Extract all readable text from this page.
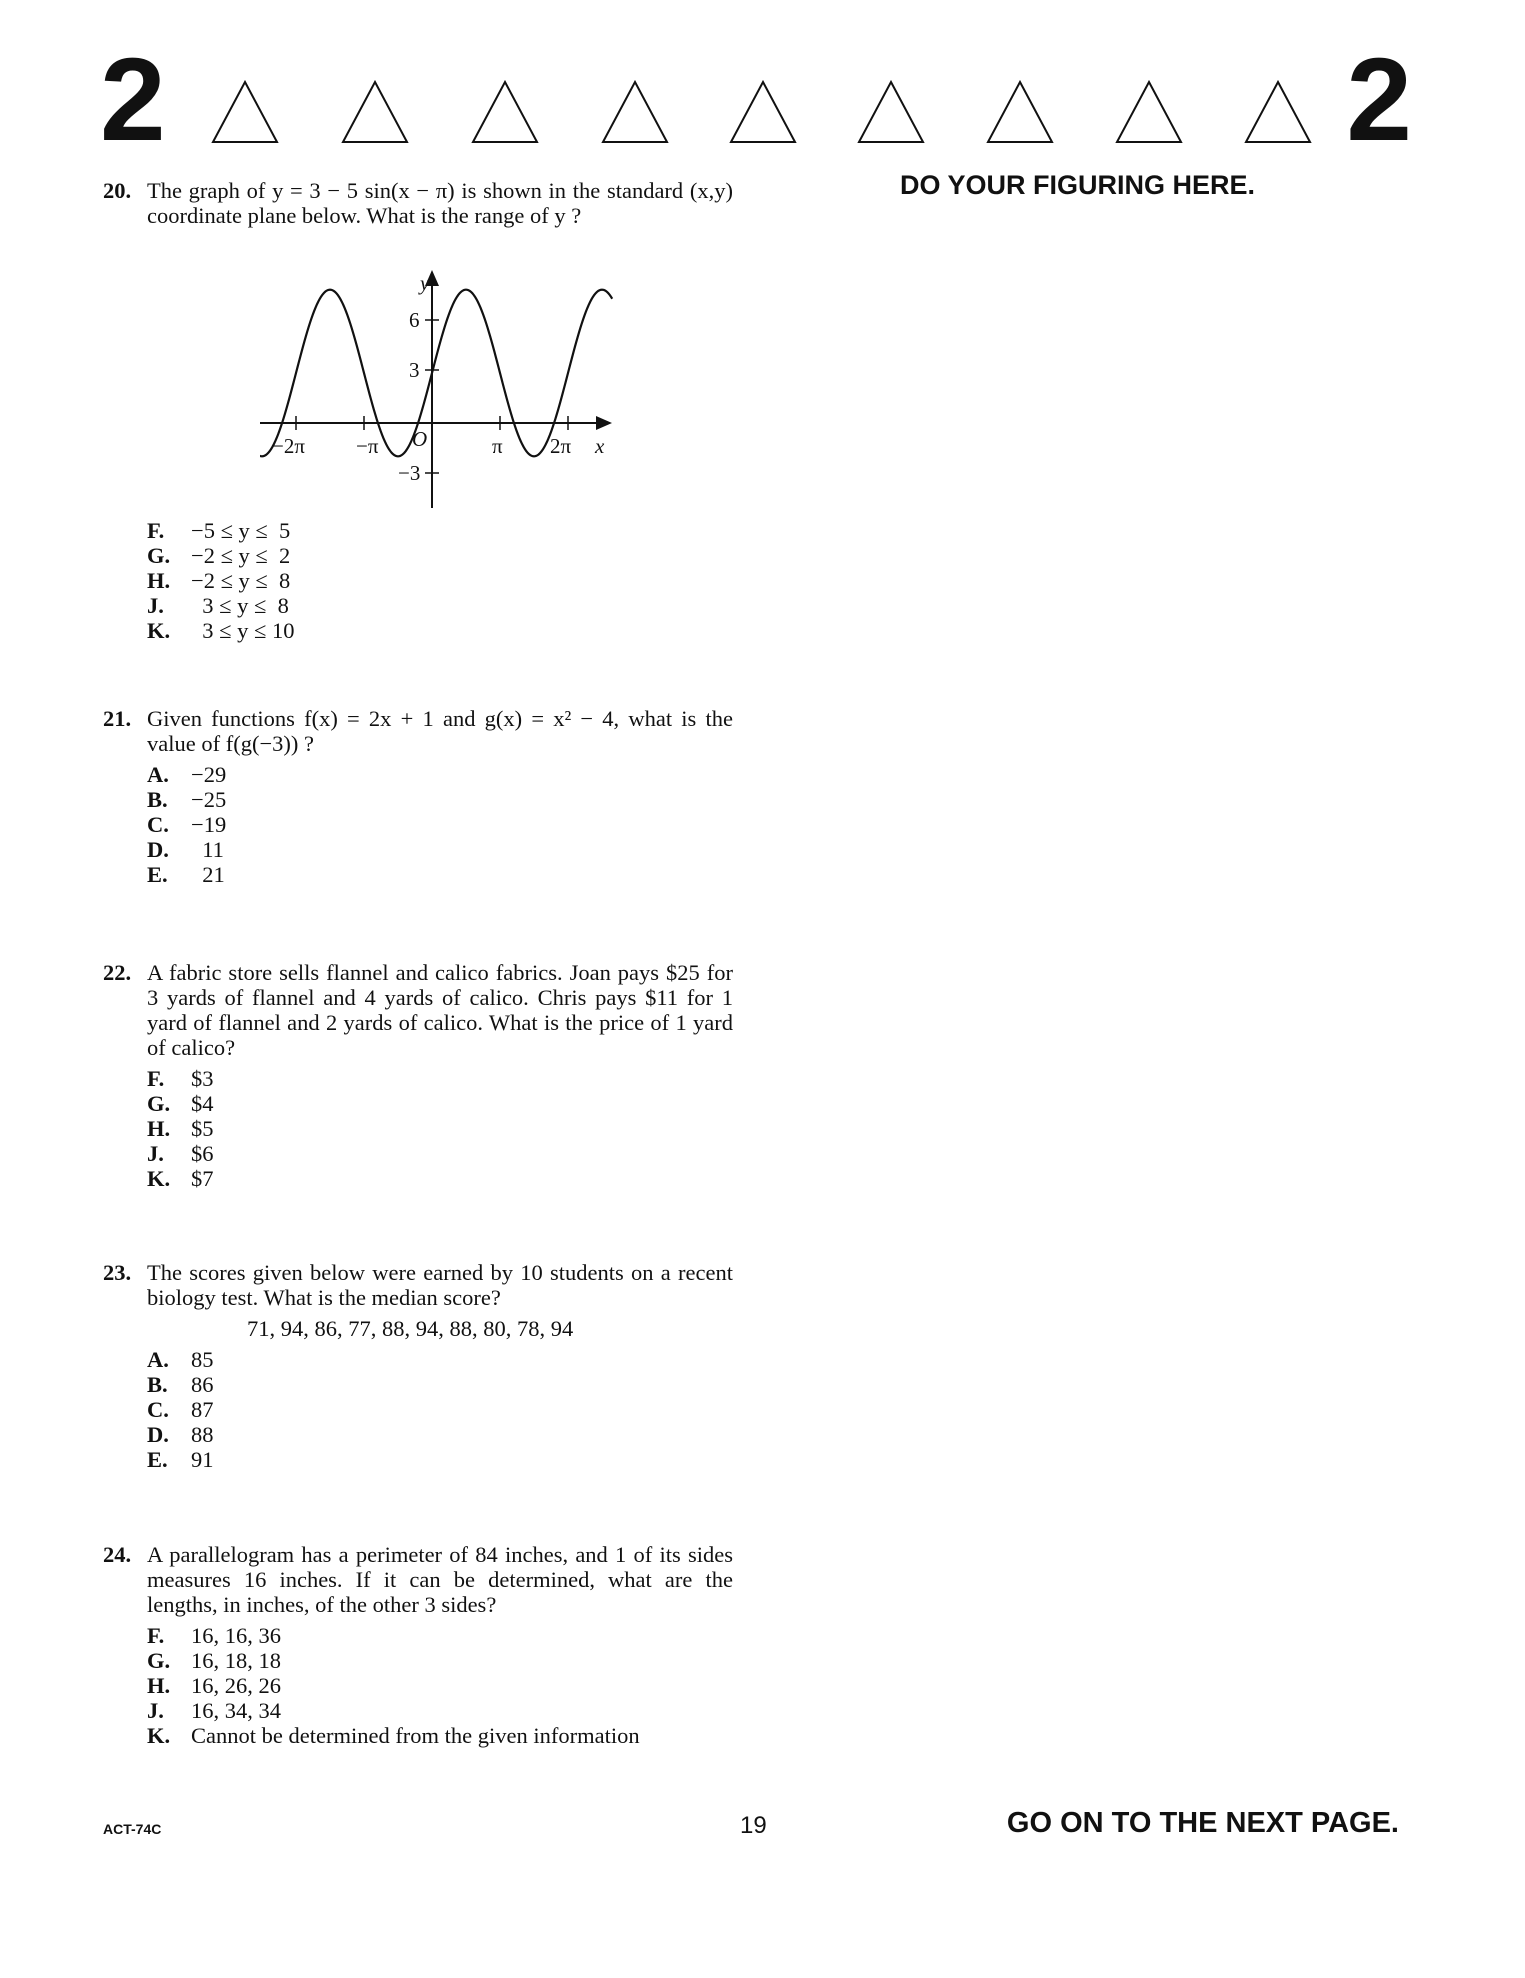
2	2
DO YOUR FIGURING HERE.
20. The graph of y = 3 − 5 sin(x − π) is shown in the standard (x,y) coordinate plane below. What is the range of y ?
y
x
O
6
3
−3
−2π −π	π 2π
F.	−5 ≤ y ≤  5
G. −2 ≤ y ≤  2
H. −2 ≤ y ≤  8
J.	3 ≤ y ≤  8
K. 3 ≤ y ≤ 10
21. Given functions f(x) = 2x + 1 and g(x) = x² − 4, what is the value of f(g(−3)) ?
A. −29
B.	−25
C. −19
D. 11
E.	21
22. A fabric store sells flannel and calico fabrics. Joan pays $25 for 3 yards of flannel and 4 yards of calico. Chris pays $11 for 1 yard of flannel and 2 yards of calico. What is the price of 1 yard of calico?
F.	$3
G. $4
H. $5
J.	$6
K. $7
23. The scores given below were earned by 10 students on a recent biology test. What is the median score?
71, 94, 86, 77, 88, 94, 88, 80, 78, 94
A. 85
B.	86
C. 87
D. 88
E.	91
24. A parallelogram has a perimeter of 84 inches, and 1 of its sides measures 16 inches. If it can be determined, what are the lengths, in inches, of the other 3 sides?
F.	16, 16, 36
G. 16, 18, 18
H. 16, 26, 26
J.	16, 34, 34
K. Cannot be determined from the given information
ACT-74C	19	GO ON TO THE NEXT PAGE.
